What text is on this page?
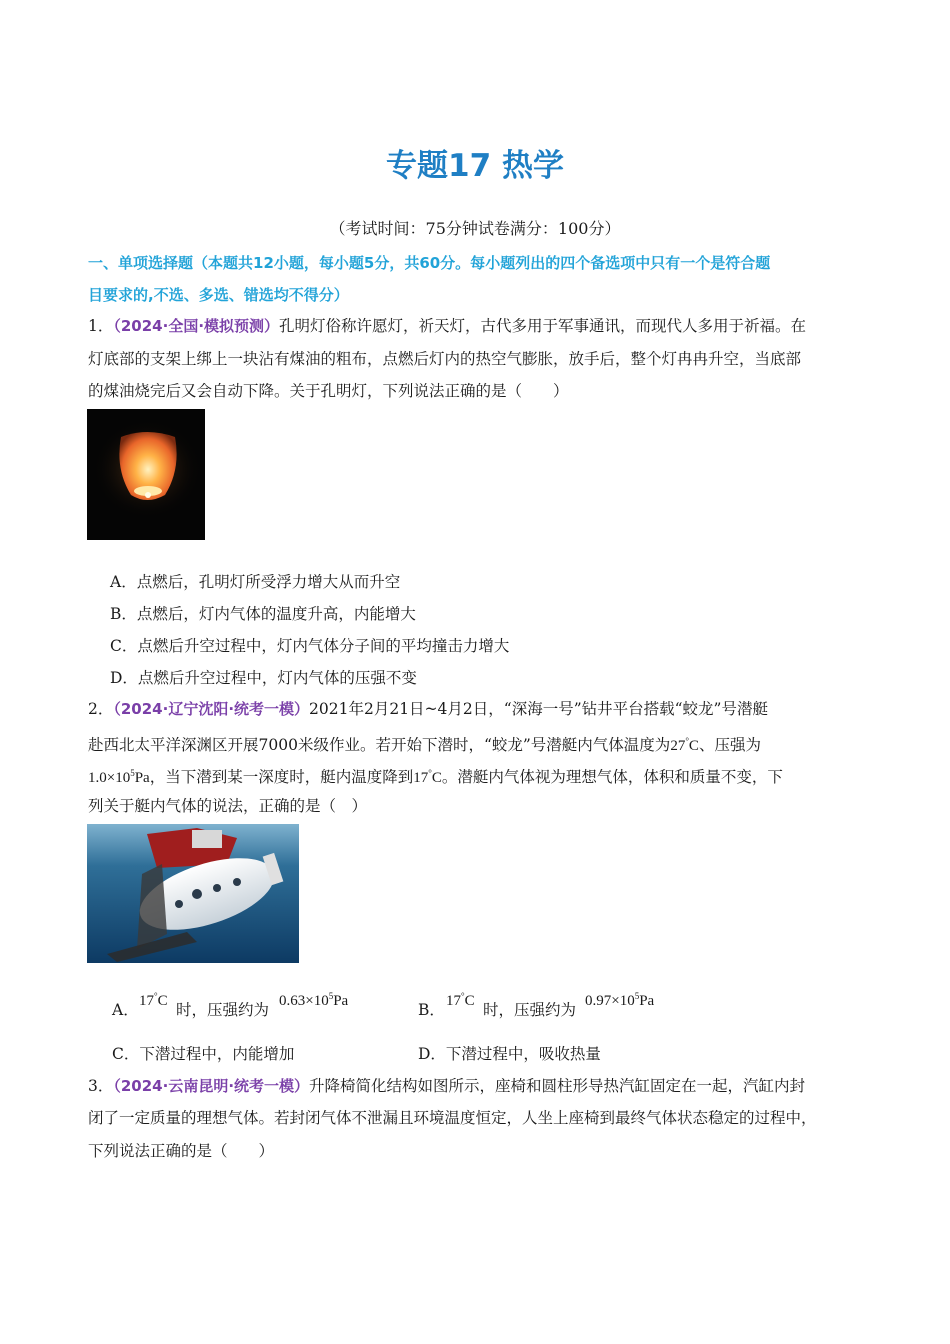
专题17 热学
（考试时间：75分钟试卷满分：100分）
一、单项选择题（本题共12小题，每小题5分，共60分。每小题列出的四个备选项中只有一个是符合题
目要求的,不选、多选、错选均不得分）
1．（2024·全国·模拟预测）孔明灯俗称许愿灯，祈天灯，古代多用于军事通讯，而现代人多用于祈福。在
灯底部的支架上绑上一块沾有煤油的粗布，点燃后灯内的热空气膨胀，放手后，整个灯冉冉升空，当底部
的煤油烧完后又会自动下降。关于孔明灯，下列说法正确的是（　　）
A．点燃后，孔明灯所受浮力增大从而升空
B．点燃后，灯内气体的温度升高，内能增大
C．点燃后升空过程中，灯内气体分子间的平均撞击力增大
D．点燃后升空过程中，灯内气体的压强不变
2．（2024·辽宁沈阳·统考一模）2021年2月21日~4月2日，“深海一号”钻井平台搭载“蛟龙”号潜艇
赴西北太平洋深渊区开展7000米级作业。若开始下潜时，“蛟龙”号潜艇内气体温度为27°C、压强为
$1.0\times 10^5Pa$，当下潜到某一深度时，艇内温度降到17°C。潜艇内气体视为理想气体，体积和质量不变，下
列关于艇内气体的说法，正确的是（　）
A． 17°C 时，压强约为 $0.63\times 10^5Pa$	B． 17°C 时，压强约为 $0.97\times 10^5Pa$
C．下潜过程中，内能增加	D．下潜过程中，吸收热量
3．（2024·云南昆明·统考一模）升降椅简化结构如图所示，座椅和圆柱形导热汽缸固定在一起，汽缸内封
闭了一定质量的理想气体。若封闭气体不泄漏且环境温度恒定，人坐上座椅到最终气体状态稳定的过程中，
下列说法正确的是（　　）
